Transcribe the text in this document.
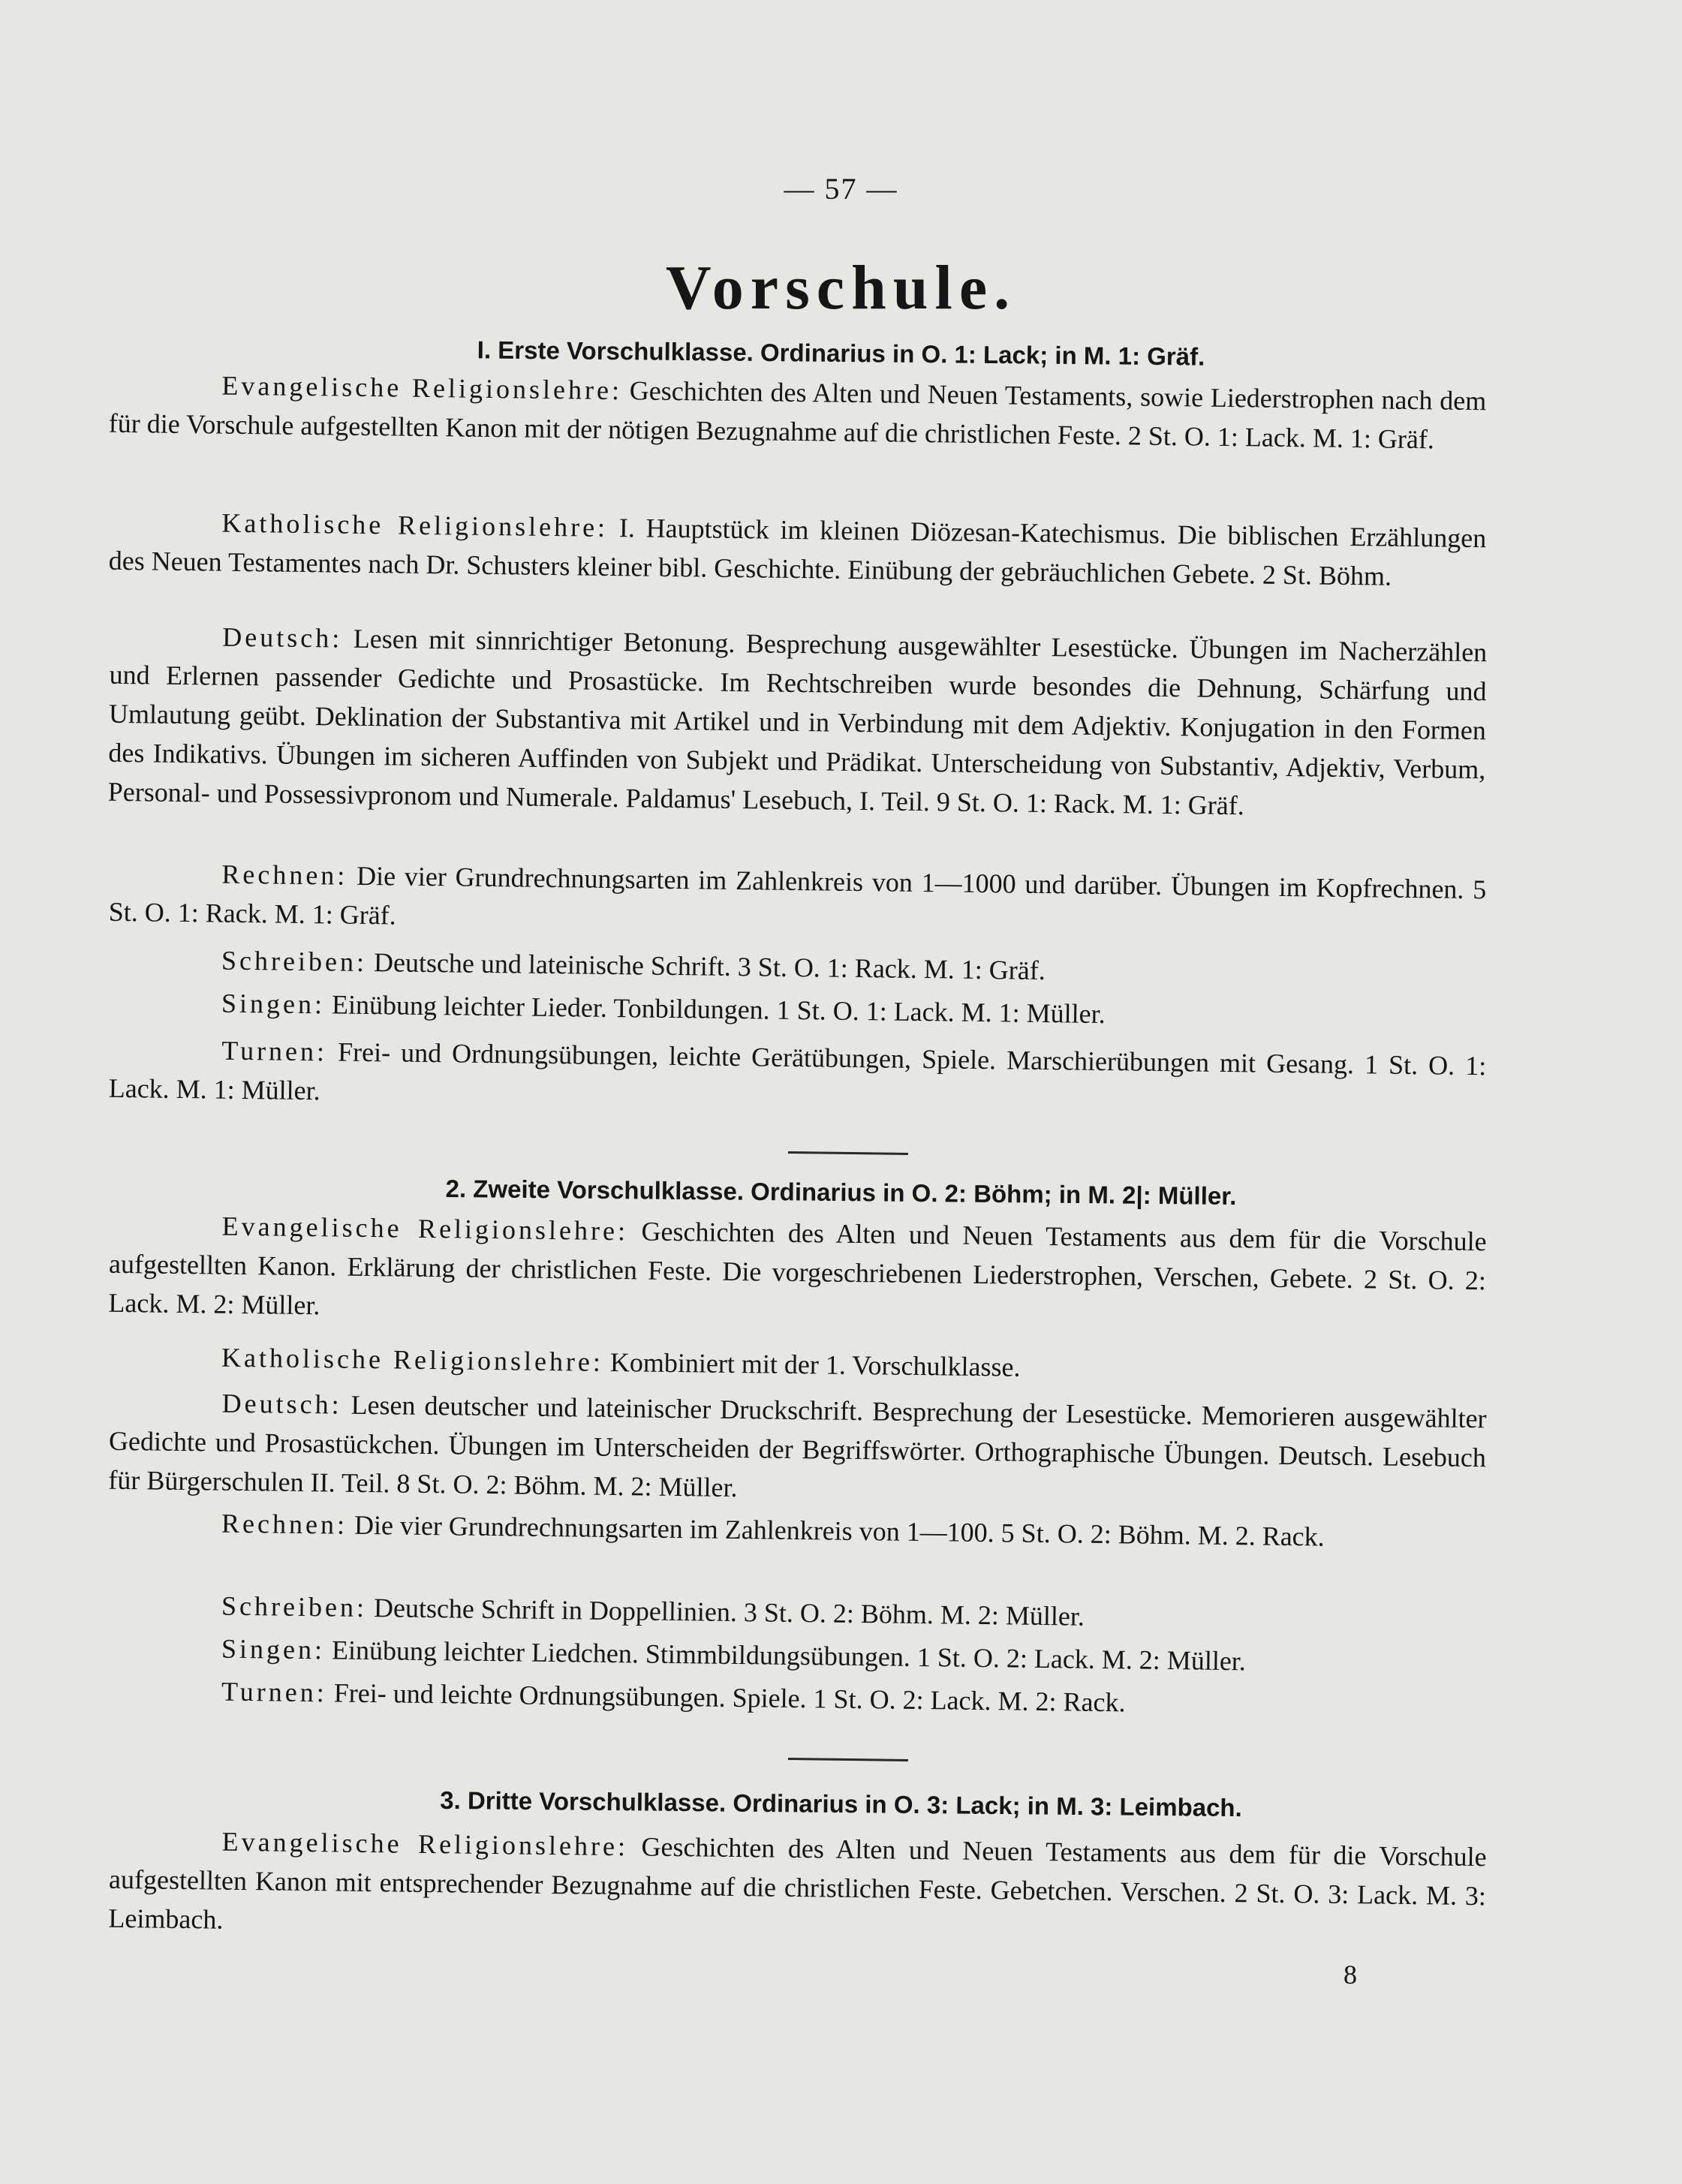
— 57 —
Vorschule.
I. Erste Vorschulklasse. Ordinarius in O. 1: Lack; in M. 1: Gräf.

Evangelische Religionslehre: Geschichten des Alten und Neuen Testaments, sowie Liederstrophen nach dem für die Vorschule aufgestellten Kanon mit der nötigen Bezugnahme auf die christlichen Feste. 2 St. O. 1: Lack. M. 1: Gräf.

Katholische Religionslehre: I. Hauptstück im kleinen Diözesan-Katechismus. Die biblischen Erzählungen des Neuen Testamentes nach Dr. Schusters kleiner bibl. Geschichte. Einübung der gebräuchlichen Gebete. 2 St. Böhm.

Deutsch: Lesen mit sinnrichtiger Betonung. Besprechung ausgewählter Lesestücke. Übungen im Nacherzählen und Erlernen passender Gedichte und Prosastücke. Im Rechtschreiben wurde besondes die Dehnung, Schärfung und Umlautung geübt. Deklination der Substantiva mit Artikel und in Verbindung mit dem Adjektiv. Konjugation in den Formen des Indikativs. Übungen im sicheren Auffinden von Subjekt und Prädikat. Unterscheidung von Substantiv, Adjektiv, Verbum, Personal- und Possessivpronom und Numerale. Paldamus' Lesebuch, I. Teil. 9 St. O. 1: Rack. M. 1: Gräf.

Rechnen: Die vier Grundrechnungsarten im Zahlenkreis von 1—1000 und darüber. Übungen im Kopfrechnen. 5 St. O. 1: Rack. M. 1: Gräf.

Schreiben: Deutsche und lateinische Schrift. 3 St. O. 1: Rack. M. 1: Gräf.

Singen: Einübung leichter Lieder. Tonbildungen. 1 St. O. 1: Lack. M. 1: Müller.

Turnen: Frei- und Ordnungsübungen, leichte Gerätübungen, Spiele. Marschierübungen mit Gesang. 1 St. O. 1: Lack. M. 1: Müller.

2. Zweite Vorschulklasse. Ordinarius in O. 2: Böhm; in M. 2|: Müller.

Evangelische Religionslehre: Geschichten des Alten und Neuen Testaments aus dem für die Vorschule aufgestellten Kanon. Erklärung der christlichen Feste. Die vorgeschriebenen Liederstrophen, Verschen, Gebete. 2 St. O. 2: Lack. M. 2: Müller.

Katholische Religionslehre: Kombiniert mit der 1. Vorschulklasse.

Deutsch: Lesen deutscher und lateinischer Druckschrift. Besprechung der Lesestücke. Memorieren ausgewählter Gedichte und Prosastückchen. Übungen im Unterscheiden der Begriffswörter. Orthographische Übungen. Deutsch. Lesebuch für Bürgerschulen II. Teil. 8 St. O. 2: Böhm. M. 2: Müller.

Rechnen: Die vier Grundrechnungsarten im Zahlenkreis von 1—100. 5 St. O. 2: Böhm. M. 2. Rack.

Schreiben: Deutsche Schrift in Doppellinien. 3 St. O. 2: Böhm. M. 2: Müller.

Singen: Einübung leichter Liedchen. Stimmbildungsübungen. 1 St. O. 2: Lack. M. 2: Müller.

Turnen: Frei- und leichte Ordnungsübungen. Spiele. 1 St. O. 2: Lack. M. 2: Rack.

3. Dritte Vorschulklasse. Ordinarius in O. 3: Lack; in M. 3: Leimbach.

Evangelische Religionslehre: Geschichten des Alten und Neuen Testaments aus dem für die Vorschule aufgestellten Kanon mit entsprechender Bezugnahme auf die christlichen Feste. Gebetchen. Verschen. 2 St. O. 3: Lack. M. 3: Leimbach.

8
